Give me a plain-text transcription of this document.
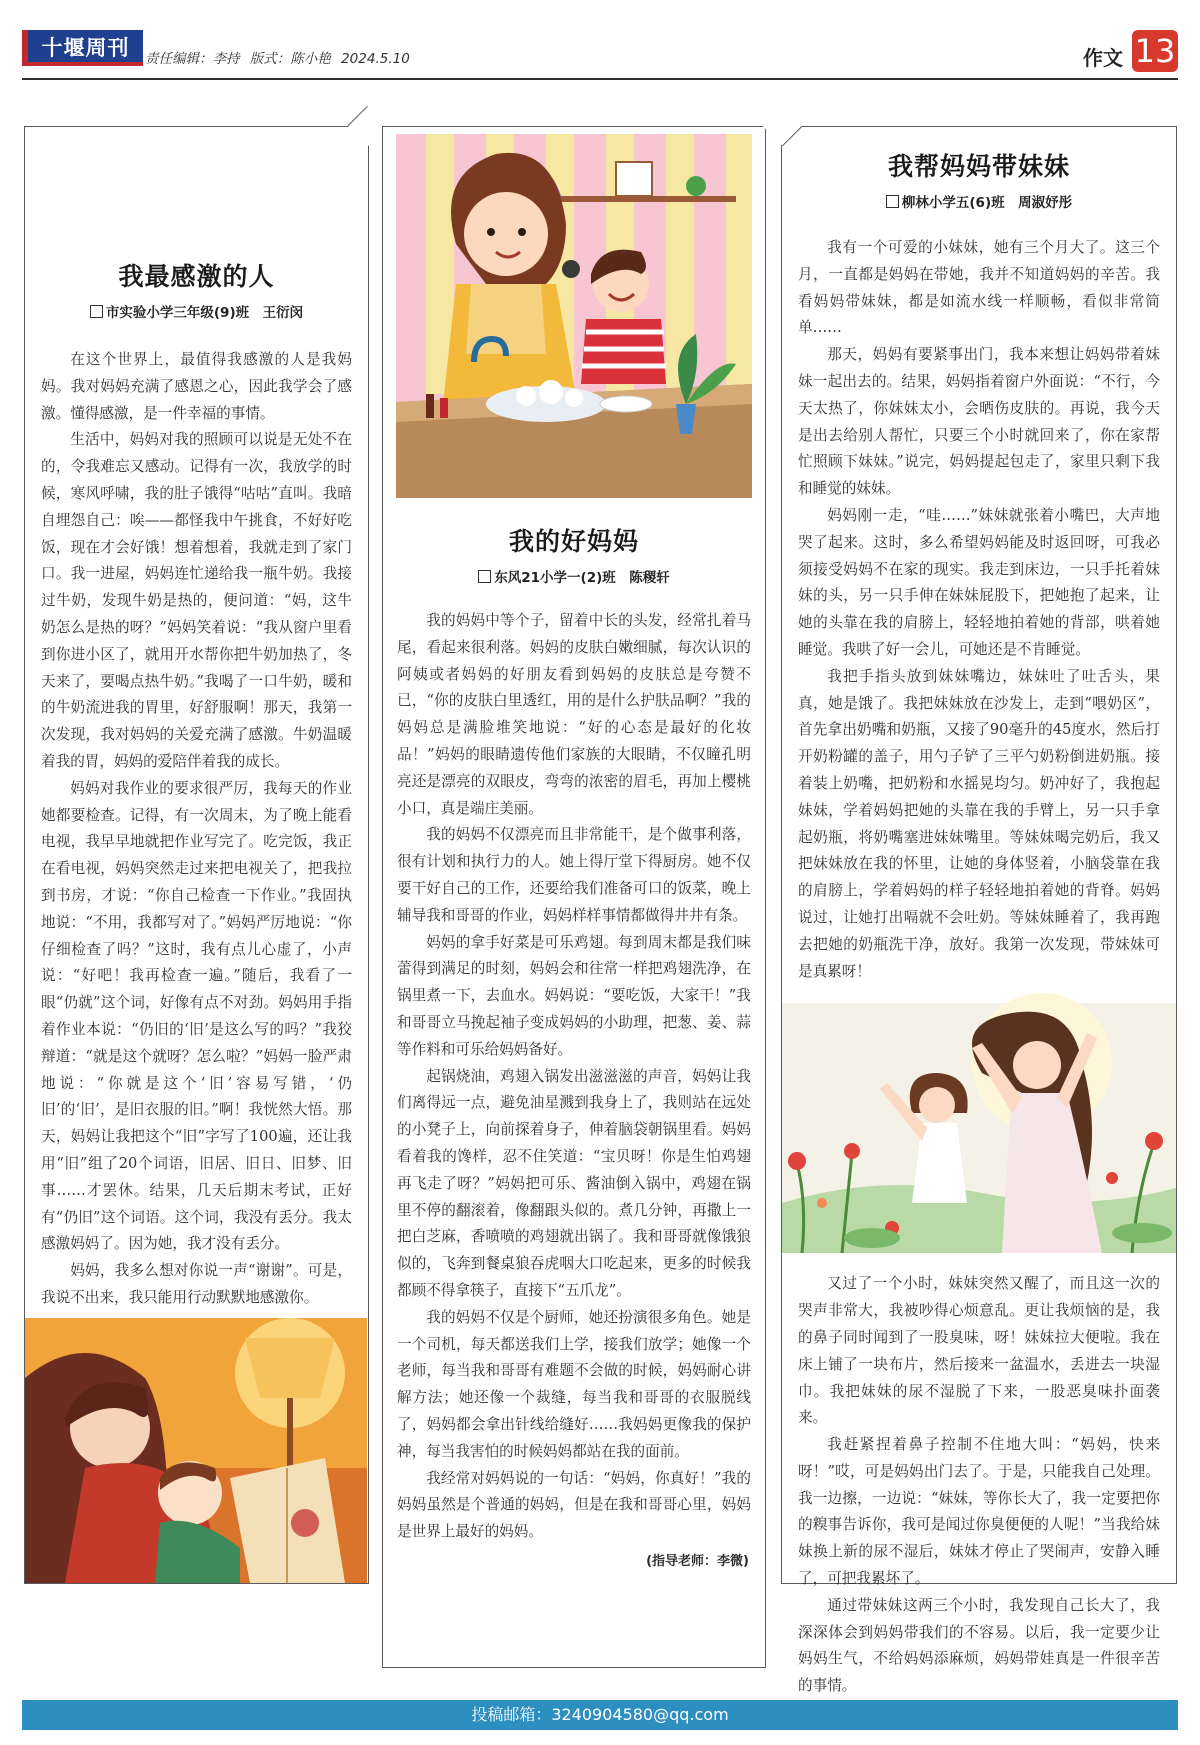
十堰周刊	责任编辑：李持 版式：陈小艳 2024.5.10	作文 13
我最感激的人
市实验小学三年级(9)班　王衍闵

在这个世界上，最值得我感激的人是我妈妈。我对妈妈充满了感恩之心，因此我学会了感激。懂得感激，是一件幸福的事情。

生活中，妈妈对我的照顾可以说是无处不在的，令我难忘又感动。记得有一次，我放学的时候，寒风呼啸，我的肚子饿得“咕咕”直叫。我暗自埋怨自己：唉——都怪我中午挑食，不好好吃饭，现在才会好饿！想着想着，我就走到了家门口。我一进屋，妈妈连忙递给我一瓶牛奶。我接过牛奶，发现牛奶是热的，便问道：“妈，这牛奶怎么是热的呀？”妈妈笑着说：“我从窗户里看到你进小区了，就用开水帮你把牛奶加热了，冬天来了，要喝点热牛奶。”我喝了一口牛奶，暖和的牛奶流进我的胃里，好舒服啊！那天，我第一次发现，我对妈妈的关爱充满了感激。牛奶温暖着我的胃，妈妈的爱陪伴着我的成长。

妈妈对我作业的要求很严厉，我每天的作业她都要检查。记得，有一次周末，为了晚上能看电视，我早早地就把作业写完了。吃完饭，我正在看电视，妈妈突然走过来把电视关了，把我拉到书房，才说：“你自己检查一下作业。”我固执地说：“不用，我都写对了。”妈妈严厉地说：“你仔细检查了吗？”这时，我有点儿心虚了，小声说：“好吧！我再检查一遍。”随后，我看了一眼“仍就”这个词，好像有点不对劲。妈妈用手指着作业本说：“仍旧的‘旧’是这么写的吗？”我狡辩道：“就是这个就呀？怎么啦？”妈妈一脸严肃地说：“你就是这个‘旧’容易写错，‘仍旧’的‘旧’，是旧衣服的旧。”啊！我恍然大悟。那天，妈妈让我把这个“旧”字写了100遍，还让我用“旧”组了20个词语，旧居、旧日、旧梦、旧事……才罢休。结果，几天后期末考试，正好有“仍旧”这个词语。这个词，我没有丢分。我太感激妈妈了。因为她，我才没有丢分。

妈妈，我多么想对你说一声“谢谢”。可是，我说不出来，我只能用行动默默地感激你。

我的好妈妈
东风21小学一(2)班　陈稷轩

我的妈妈中等个子，留着中长的头发，经常扎着马尾，看起来很利落。妈妈的皮肤白嫩细腻，每次认识的阿姨或者妈妈的好朋友看到妈妈的皮肤总是夸赞不已，“你的皮肤白里透红，用的是什么护肤品啊？”我的妈妈总是满脸堆笑地说：“好的心态是最好的化妆品！”妈妈的眼睛遗传他们家族的大眼睛，不仅瞳孔明亮还是漂亮的双眼皮，弯弯的浓密的眉毛，再加上樱桃小口，真是端庄美丽。

我的妈妈不仅漂亮而且非常能干，是个做事利落，很有计划和执行力的人。她上得厅堂下得厨房。她不仅要干好自己的工作，还要给我们准备可口的饭菜，晚上辅导我和哥哥的作业，妈妈样样事情都做得井井有条。

妈妈的拿手好菜是可乐鸡翅。每到周末都是我们味蕾得到满足的时刻，妈妈会和往常一样把鸡翅洗净，在锅里煮一下，去血水。妈妈说：“要吃饭，大家干！”我和哥哥立马挽起袖子变成妈妈的小助理，把葱、姜、蒜等作料和可乐给妈妈备好。

起锅烧油，鸡翅入锅发出滋滋滋的声音，妈妈让我们离得远一点，避免油星溅到我身上了，我则站在远处的小凳子上，向前探着身子，伸着脑袋朝锅里看。妈妈看着我的馋样，忍不住笑道：“宝贝呀！你是生怕鸡翅再飞走了呀？”妈妈把可乐、酱油倒入锅中，鸡翅在锅里不停的翻滚着，像翻跟头似的。煮几分钟，再撒上一把白芝麻，香喷喷的鸡翅就出锅了。我和哥哥就像饿狼似的，飞奔到餐桌狼吞虎咽大口吃起来，更多的时候我都顾不得拿筷子，直接下“五爪龙”。

我的妈妈不仅是个厨师，她还扮演很多角色。她是一个司机，每天都送我们上学，接我们放学；她像一个老师，每当我和哥哥有难题不会做的时候，妈妈耐心讲解方法；她还像一个裁缝，每当我和哥哥的衣服脱线了，妈妈都会拿出针线给缝好……我妈妈更像我的保护神，每当我害怕的时候妈妈都站在我的面前。

我经常对妈妈说的一句话：“妈妈，你真好！”我的妈妈虽然是个普通的妈妈，但是在我和哥哥心里，妈妈是世界上最好的妈妈。

(指导老师：李微)
我帮妈妈带妹妹
柳林小学五(6)班　周淑妤彤

我有一个可爱的小妹妹，她有三个月大了。这三个月，一直都是妈妈在带她，我并不知道妈妈的辛苦。我看妈妈带妹妹，都是如流水线一样顺畅，看似非常简单……

那天，妈妈有要紧事出门，我本来想让妈妈带着妹妹一起出去的。结果，妈妈指着窗户外面说：“不行，今天太热了，你妹妹太小，会晒伤皮肤的。再说，我今天是出去给别人帮忙，只要三个小时就回来了，你在家帮忙照顾下妹妹。”说完，妈妈提起包走了，家里只剩下我和睡觉的妹妹。

妈妈刚一走，“哇……”妹妹就张着小嘴巴，大声地哭了起来。这时，多么希望妈妈能及时返回呀，可我必须接受妈妈不在家的现实。我走到床边，一只手托着妹妹的头，另一只手伸在妹妹屁股下，把她抱了起来，让她的头靠在我的肩膀上，轻轻地拍着她的背部，哄着她睡觉。我哄了好一会儿，可她还是不肯睡觉。

我把手指头放到妹妹嘴边，妹妹吐了吐舌头，果真，她是饿了。我把妹妹放在沙发上，走到“喂奶区”，首先拿出奶嘴和奶瓶，又接了90毫升的45度水，然后打开奶粉罐的盖子，用勺子铲了三平勺奶粉倒进奶瓶。接着装上奶嘴，把奶粉和水摇晃均匀。奶冲好了，我抱起妹妹，学着妈妈把她的头靠在我的手臂上，另一只手拿起奶瓶，将奶嘴塞进妹妹嘴里。等妹妹喝完奶后，我又把妹妹放在我的怀里，让她的身体竖着，小脑袋靠在我的肩膀上，学着妈妈的样子轻轻地拍着她的背脊。妈妈说过，让她打出嗝就不会吐奶。等妹妹睡着了，我再跑去把她的奶瓶洗干净，放好。我第一次发现，带妹妹可是真累呀！

又过了一个小时，妹妹突然又醒了，而且这一次的哭声非常大，我被吵得心烦意乱。更让我烦恼的是，我的鼻子同时闻到了一股臭味，呀！妹妹拉大便啦。我在床上铺了一块布片，然后接来一盆温水，丢进去一块湿巾。我把妹妹的尿不湿脱了下来，一股恶臭味扑面袭来。

我赶紧捏着鼻子控制不住地大叫：“妈妈，快来呀！”哎，可是妈妈出门去了。于是，只能我自己处理。我一边擦，一边说：“妹妹，等你长大了，我一定要把你的糗事告诉你，我可是闻过你臭便便的人呢！”当我给妹妹换上新的尿不湿后，妹妹才停止了哭闹声，安静入睡了，可把我累坏了。

通过带妹妹这两三个小时，我发现自己长大了，我深深体会到妈妈带我们的不容易。以后，我一定要少让妈妈生气，不给妈妈添麻烦，妈妈带娃真是一件很辛苦的事情。

投稿邮箱：3240904580@qq.com
